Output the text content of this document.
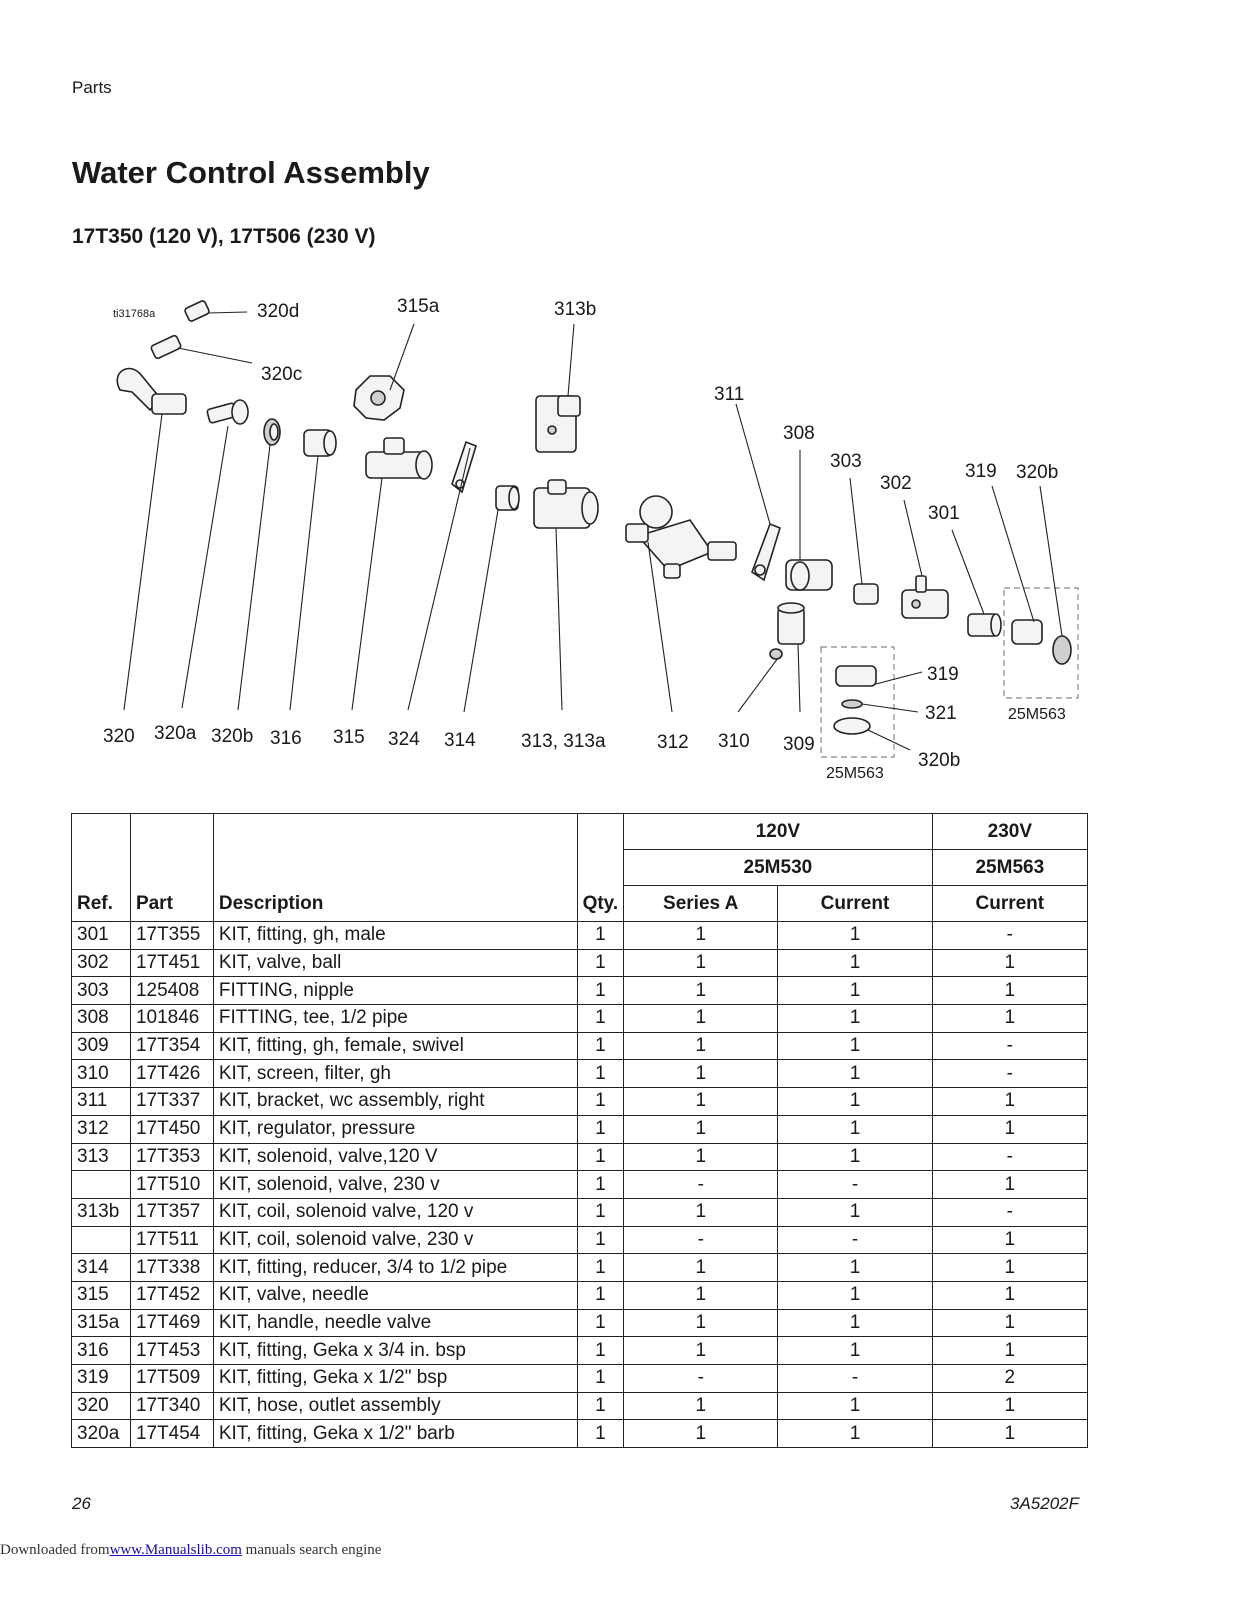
Parts
Water Control Assembly
17T350 (120 V), 17T506 (230 V)
ti31768a	320d	315a	313b
320c
311
308
303
302
319 320b
301
320 320a 320b 316 315 324 314 313, 313a	312 310 309
319
321
320b
25M563
25M563
Ref.	Part	Description	Qty.	120V		230V
				25M530		25M563
				Series A	Current	Current
301	17T355	KIT, fitting, gh, male	1	1	1	-
302	17T451	KIT, valve, ball	1	1	1	1
303	125408	FITTING, nipple	1	1	1	1
308	101846	FITTING, tee, 1/2 pipe	1	1	1	1
309	17T354	KIT, fitting, gh, female, swivel	1	1	1	-
310	17T426	KIT, screen, filter, gh	1	1	1	-
311	17T337	KIT, bracket, wc assembly, right	1	1	1	1
312	17T450	KIT, regulator, pressure	1	1	1	1
313	17T353	KIT, solenoid, valve,120 V	1	1	1	-
	17T510	KIT, solenoid, valve, 230 v	1	-	-	1
313b	17T357	KIT, coil, solenoid valve, 120 v	1	1	1	-
	17T511	KIT, coil, solenoid valve, 230 v	1	-	-	1
314	17T338	KIT, fitting, reducer, 3/4 to 1/2 pipe	1	1	1	1
315	17T452	KIT, valve, needle	1	1	1	1
315a	17T469	KIT, handle, needle valve	1	1	1	1
316	17T453	KIT, fitting, Geka x 3/4 in. bsp	1	1	1	1
319	17T509	KIT, fitting, Geka x 1/2" bsp	1	-	-	2
320	17T340	KIT, hose, outlet assembly	1	1	1	1
320a	17T454	KIT, fitting, Geka x 1/2" barb	1	1	1	1
26	3A5202F
Downloaded fromwww.Manualslib.com manuals search engine
